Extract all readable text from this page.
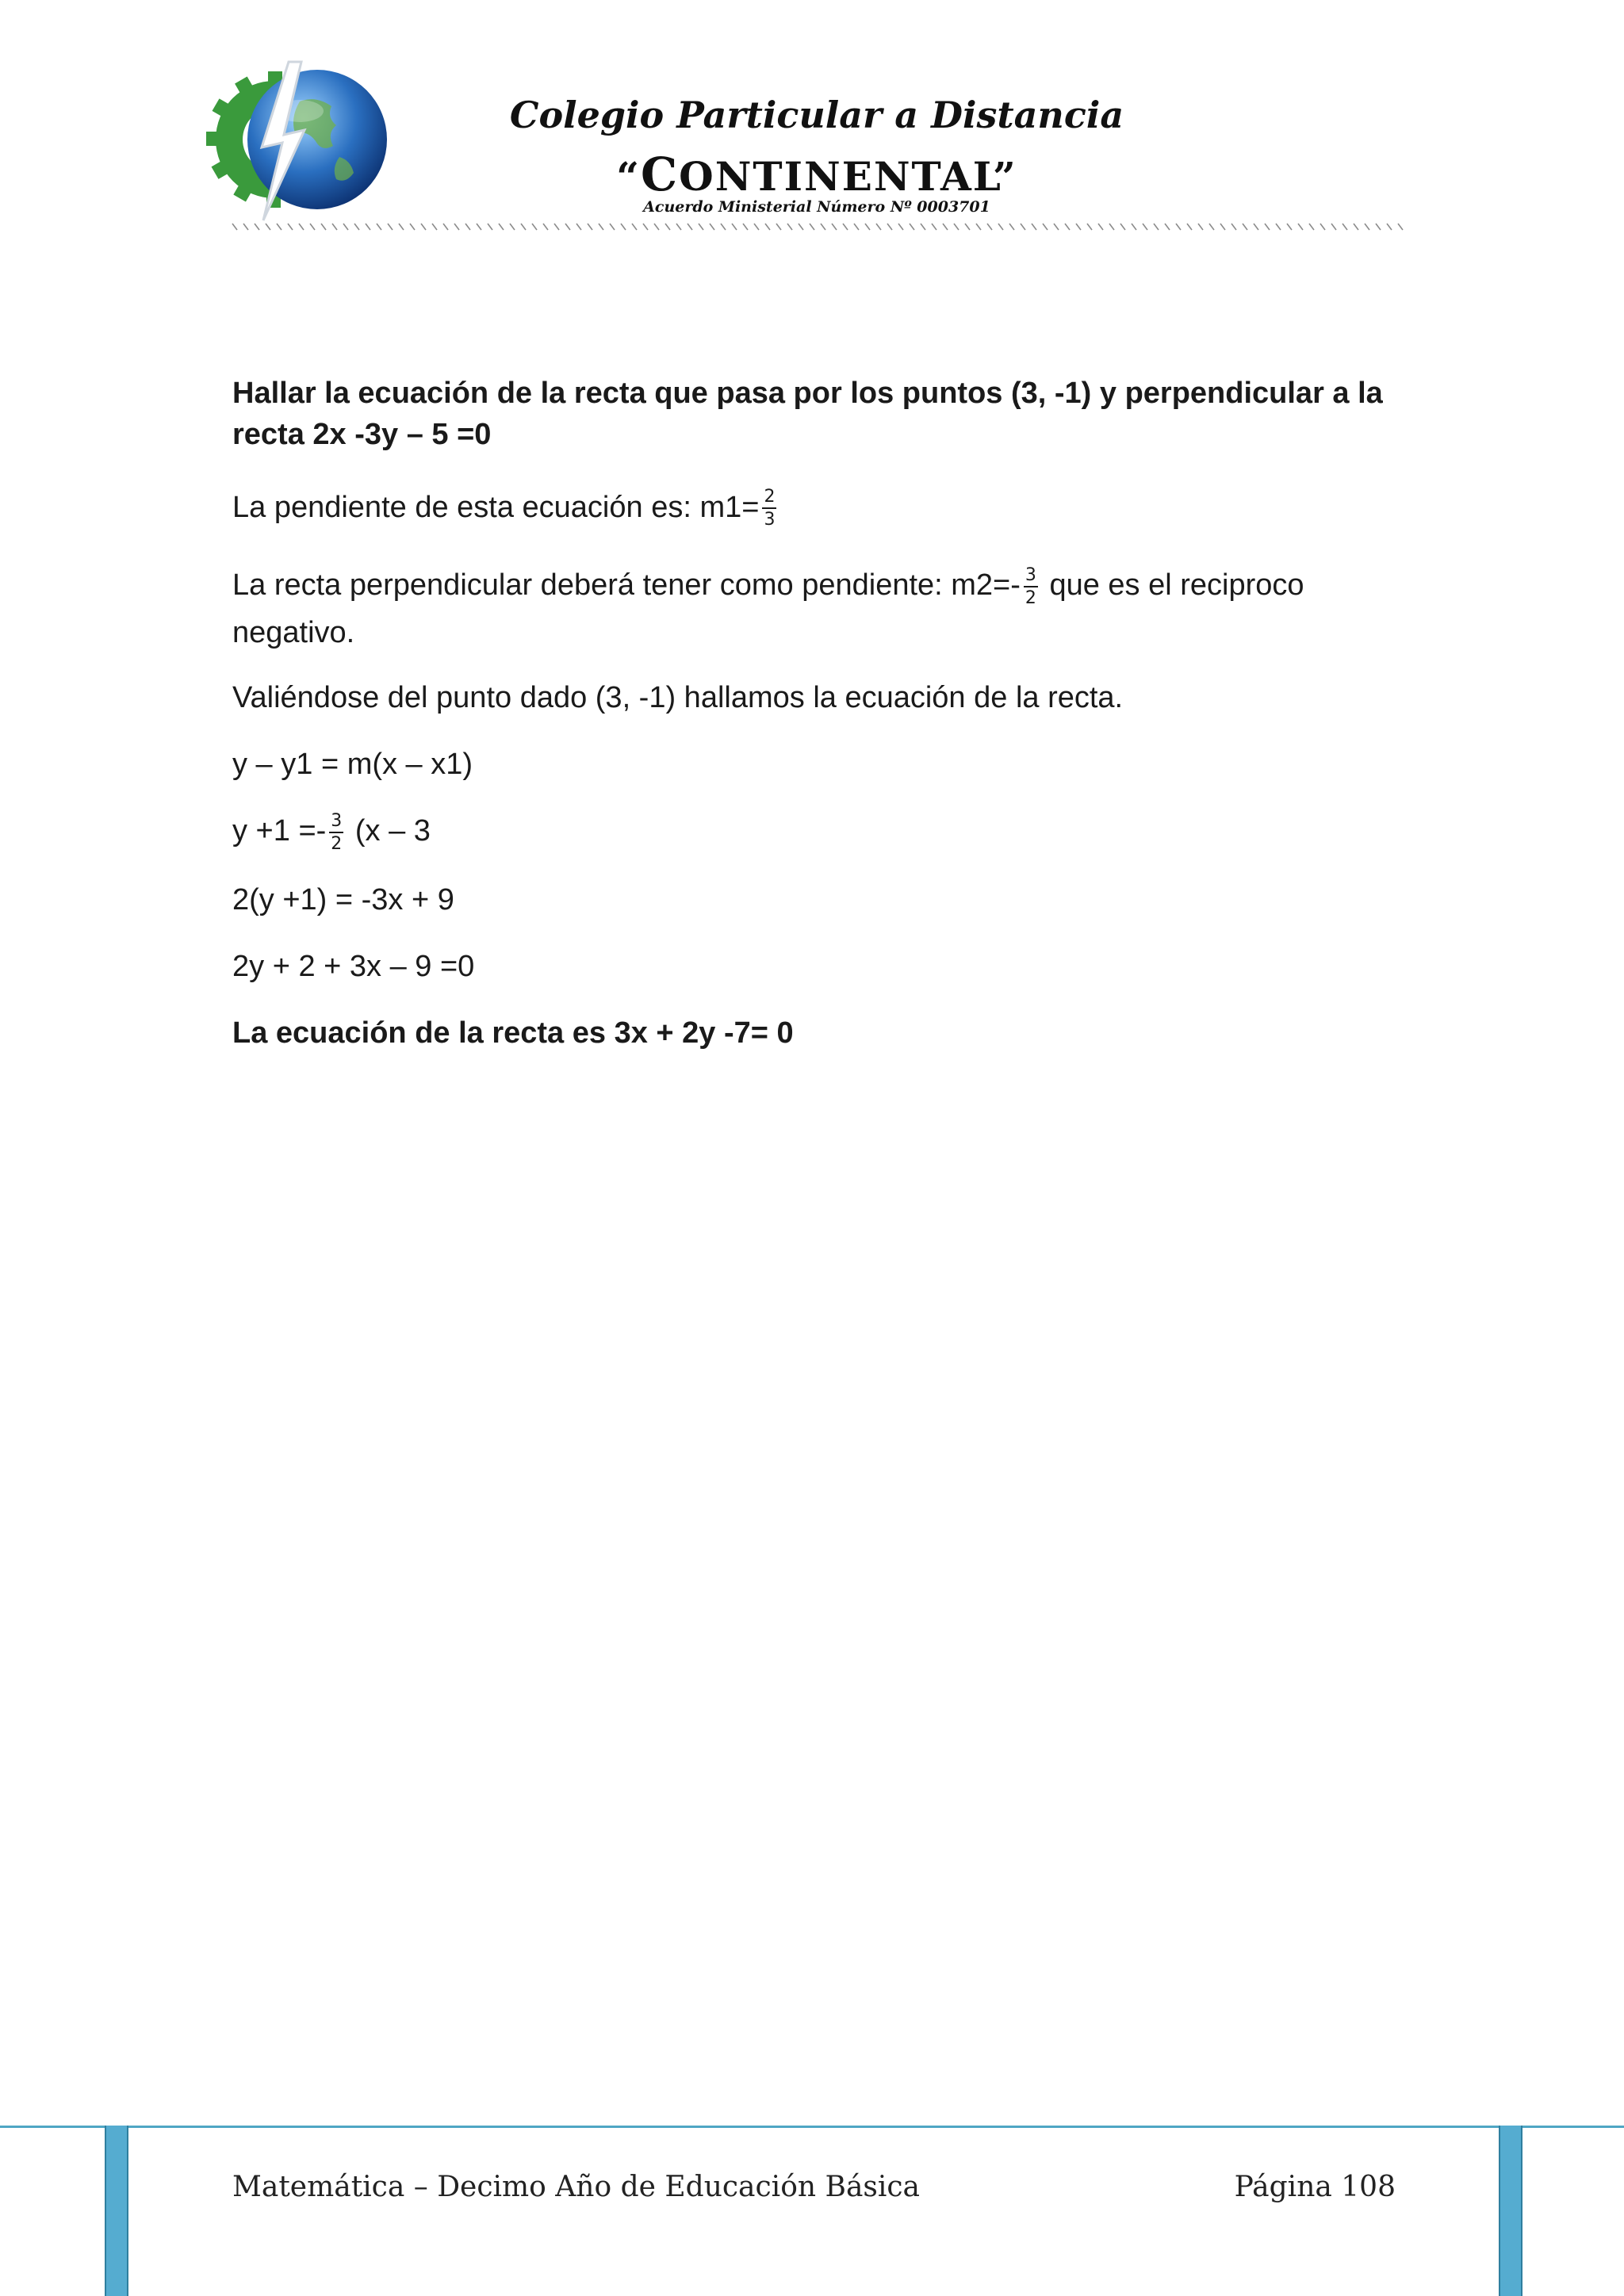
Colegio Particular a Distancia
“CONTINENTAL”
Acuerdo Ministerial Número Nº 0003701

Hallar la ecuación de la recta que pasa por los puntos (3, -1) y perpendicular a la recta 2x -3y – 5 =0

La pendiente de esta ecuación es: $m1= \frac{2}{3}$

La recta perpendicular deberá tener como pendiente: $m2=- \frac{3}{2}$ que es el reciproco negativo.

Valiéndose del punto dado (3, -1) hallamos la ecuación de la recta.

y – y1 = m(x – x1)

$y +1 =- \frac{3}{2} (x - 3$

2(y +1) = -3x + 9

2y + 2 + 3x – 9 =0

La ecuación de la recta es 3x + 2y -7= 0

Matemática – Decimo Año de Educación Básica	Página 108
